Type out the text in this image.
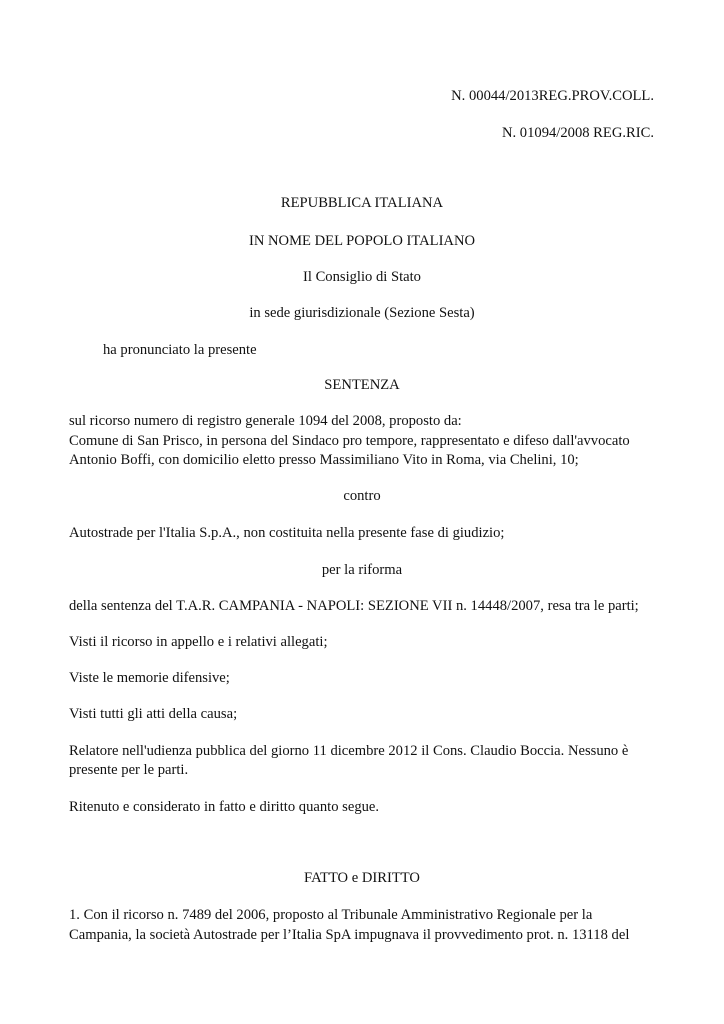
N. 00044/2013REG.PROV.COLL.
N. 01094/2008 REG.RIC.
REPUBBLICA ITALIANA
IN NOME DEL POPOLO ITALIANO
Il Consiglio di Stato
in sede giurisdizionale (Sezione Sesta)
ha pronunciato la presente
SENTENZA
sul ricorso numero di registro generale 1094 del 2008, proposto da:
Comune di San Prisco, in persona del Sindaco pro tempore, rappresentato e difeso dall'avvocato
Antonio Boffi, con domicilio eletto presso Massimiliano Vito in Roma, via Chelini, 10;
contro
Autostrade per l'Italia S.p.A., non costituita nella presente fase di giudizio;
per la riforma
della sentenza del T.A.R. CAMPANIA - NAPOLI: SEZIONE VII n. 14448/2007, resa tra le parti;
Visti il ricorso in appello e i relativi allegati;
Viste le memorie difensive;
Visti tutti gli atti della causa;
Relatore nell'udienza pubblica del giorno 11 dicembre 2012 il Cons. Claudio Boccia. Nessuno è
presente per le parti.
Ritenuto e considerato in fatto e diritto quanto segue.
FATTO e DIRITTO
1. Con il ricorso n. 7489 del 2006, proposto al Tribunale Amministrativo Regionale per la
Campania, la società Autostrade per l’Italia SpA impugnava il provvedimento prot. n. 13118 del
